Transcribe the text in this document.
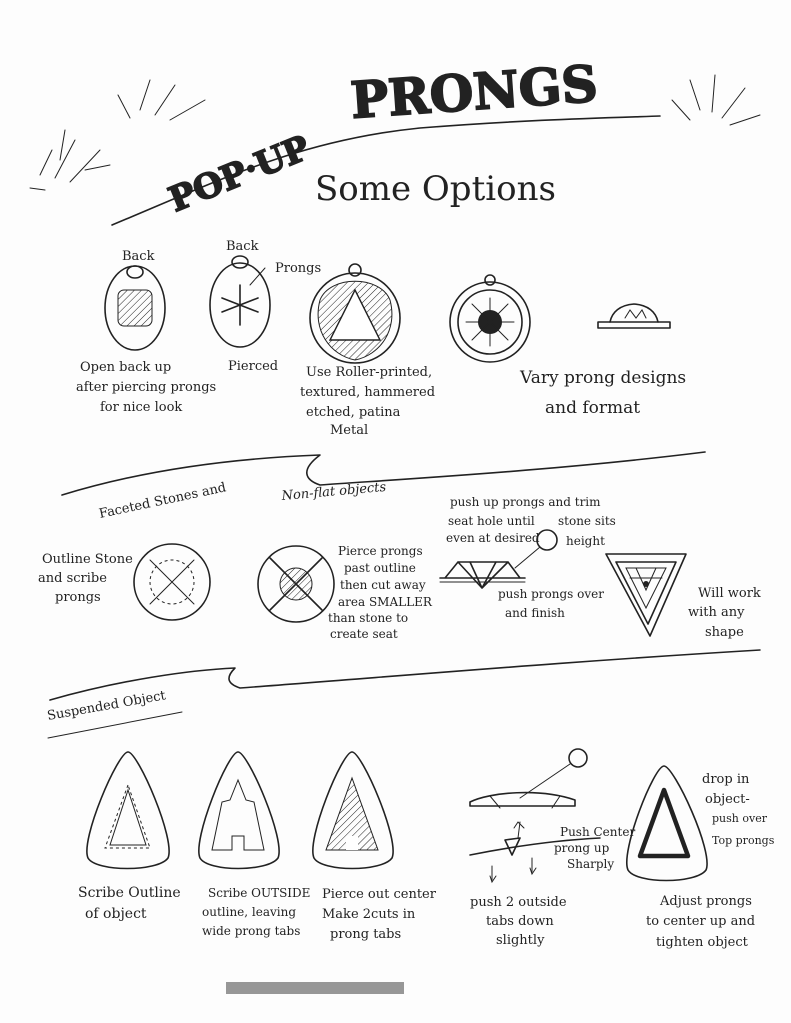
POP·UP
PRONGS
Some Options
Back
Back
Prongs
Pierced
Open back up
after piercing prongs
for nice look
Use Roller-printed,
textured, hammered
etched, patina
Metal
Vary prong designs
and format
Faceted Stones and	Non-flat objects
Outline Stone
and scribe
prongs
Pierce prongs
past outline
then cut away
area SMALLER
than stone to
create seat
push up prongs and trim
seat hole until
even at desired
stone sits
height
push prongs over
and finish
Will work
with any
shape
Suspended Object
Push Center
prong up
Sharply
drop in
object-
push over
Top prongs
Scribe Outline
of object
Scribe OUTSIDE
outline, leaving
wide prong tabs
Pierce out center
Make 2cuts in
prong tabs
push 2 outside
tabs down
slightly
Adjust prongs
to center up and
tighten object
